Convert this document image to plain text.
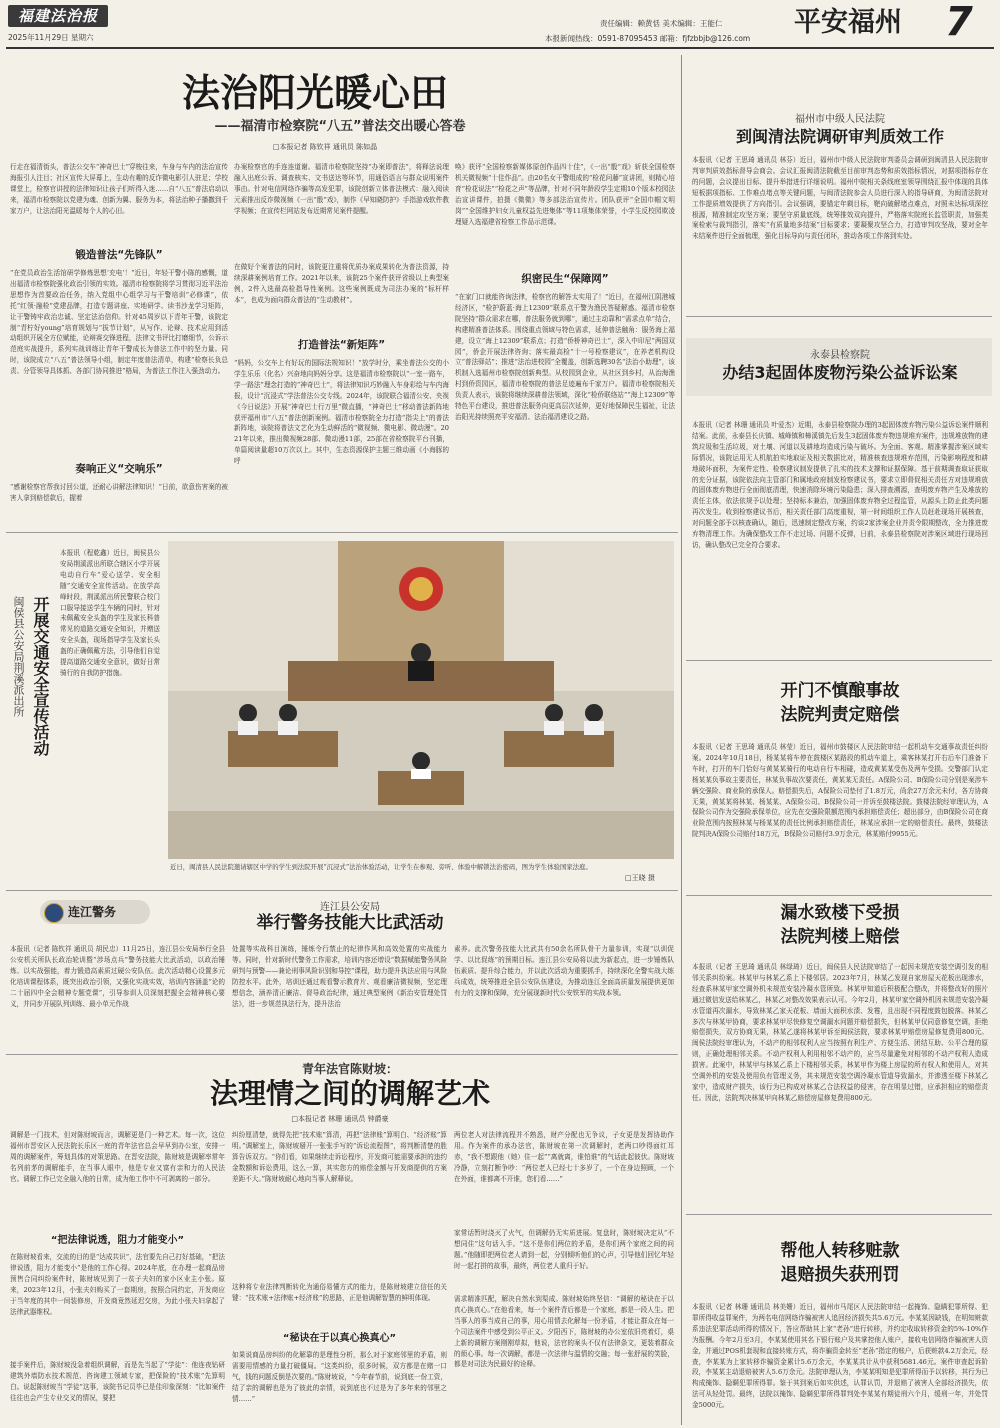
福建法治报
2025年11月29日 星期六
责任编辑：赖黄恬 美术编辑：王能仁
本报新闻热线：0591-87095453 邮箱：fjfzbbjb@126.com
平安福州	7
法治阳光暖心田
——福清市检察院“八五”普法交出暖心答卷
□本报记者 陈钦祥 通讯员 陈如晶
行走在福清街头，普法公交车“神奇巴士”穿梭往来，车身与车内的法治宣传海报引人注目；社区宣传大屏幕上，生动有趣的反诈微电影引人驻足；学校课堂上，检察官讲授的法律知识让孩子们听得入迷……自“八五”普法启动以来，福清市检察院以党建为魂、创新为翼、服务为本，将法治种子播撒到千家万户，让法治阳光温暖每个人的心田。
锻造普法“先锋队”
“在党员政治生活馆研学修炼思想‘充电’！”近日，年轻干警小陈的感慨，道出福清市检察院强化政治引领的实效。福清市检察院将学习贯彻习近平法治思想作为首要政治任务，纳入党组中心组学习与干警培训“必修课”，依托“红领·融检”党建品牌，打造专题讲座、实地研学、读书沙龙学习矩阵，让干警铸牢政治忠诚、坚定法治信仰。针对45周岁以下青年干警，该院定制“青柠好young”培育规划与“拔节计划”，从写作、论辩、技术应用到活动组织开展全方位赋能，论辩赛交锋进程，法律文书评比打磨细节，公诉示范庭实战提升，系列实战训练让青年干警成长为普法工作中的坚力量。同时，该院成立“八五”普法领导小组，制定年度普法清单，构建“检察长负总责、分管领导具体抓、各部门协同推进”格局，为普法工作注入强劲动力。
奏响正义“交响乐”
“感谢检察官帮我讨回公道，还耐心讲解法律知识！”日前，欲意伤害案的被害人拿到赔偿款后，握着
办案检察官的手连连道谢。福清市检察院坚持“办案即普法”，将释法说理融入出庭公诉、调查核实、文书送达等环节，用通俗语言与群众说明案件事由。针对电信网络诈骗等高发犯罪，该院创新立体普法模式：融入阅读元素推出反诈微视频《一出“骰”戏》，制作《早知晓防护》手指游戏软件教学视频；在宣传栏网站发布近期常见案件提醒。
在做好个案普法的同时，该院更注重将优质办案成果转化为普法资源，持续深耕案例培育工作。2021年以来，该院25个案件获评省级以上典型案例，2件入选最高检指导性案例。这些案例既成为司法办案的“标杆样本”，也成为面向群众普法的“生动教材”。
打造普法“新矩阵”
“妈妈，公交车上有好玩的国际法规知识！”放学时分，乘坐普法公交的小学生乐乐（化名）兴奋地向妈妈分享。这是福清市检察院以“一室一路车，学一路法”理念打造的“神奇巴士”，将法律知识巧妙融入车身彩绘与车内海报，设计“沉浸式”学法普法公交专线。2024年，该院联合福清公安、央视《今日说法》开展“神奇巴士行万里”微直播，“神奇巴士”移动普法新阵地获评福州市“八五”普法创新案例。福清市检察院全力打造“指尖上”的普法新阵地，该院将普法文艺化为生动鲜活的“微视频、微电影、微动漫”。2021年以来，推出微视频28部、微动漫11部，25部在省检察院平台刊播，单篇阅读量超10万次以上。其中，生态资源保护主题三维动画《小海豚的呼
唤》获评“全国检察新媒体原创作品四十佳”，《一出“骰”戏》斩获全国检察机关微视频“十佳作品”。由20名女干警组成的“检花问藤”宣讲团，则精心培育“检花说法”“检花之声”等品牌，针对不同年龄段学生定期10个版本校园法治宣讲课件，拍摄《微微》等多部法治宣传片。团队获评“全国巾帼文明岗”“全国维护妇女儿童权益先进集体”等11项集体荣誉，小学生反校园欺凌理疑入选福建省检察工作品示范课。
织密民生“保障网”
“在家门口就能咨询法律，检察官的解答太实用了！”近日，在福州江阴港城经济区，“检护蔚蓝·海上12309”联系点干警为渔民答疑解惑。福清市检察院坚持“群众需求在哪，普法服务就到哪”，通过主动靠和“需求点单”结合，构建精准普法体系。围绕重点领域与特色需求，延伸普法触角：服务海上福建，设立“海上12309”联系点；打造“侨桥神奇巴士”，深入中印尼“两国双园”，侨企开展法律咨询；落实最高检“十一号检察建议”，在养老机构设立“普法驿站”；推进“法治进校园”全覆盖，创新选聘30名“法治小助理”，该机制入选福州市检察院创新典型。从校园到企业，从社区到乡村，从治海渔村到侨资园区，福清市检察院的普法足迹遍布千家万户。福清市检察院相关负责人表示，该院将继续深耕普法领域，深化“检侨联络站”“海上12309”等特色平台建设，推进普法服务向更高层次延伸，更好地保障民生福祉，让法治阳光持续照亮平安福清、法治福清建设之路。
福州市中级人民法院
到闽清法院调研审判质效工作
本报讯（记者 王思琦 通讯员 林芬）近日，福州市中级人民法院审判委员会调研到闽清县人民法院审判审判质效指标督导会商会。会议汇报闽清法院截至目前审判态势和质效指标情况，对据项指标存在的问题，会议提出目标、提升举措进行详细说明。福州中院相关条线庭室领导围绕汇报中体现的具体短板据项指标、工作难点堵点等关键问题，与闽清法院参会人员进行深入的指导研商，为闽清法院对工作提质增效提供了方向指引。会议强调，要锚定年剩目标，靶向破解堵点难点，对照未达标项深挖根源，精准制定攻坚方案；要坚守质量底线，统筹推效双向提升，严格落实院庭长监管职责，加强类案检索与裁判指引，落实“有质量地多结案”目标要求；要凝聚攻坚合力，打造审判攻坚战，要对全年未结案件进行全面梳理，强化目标导向与责任闭环，推动各项工作落到实处。
永泰县检察院
办结3起固体废物污染公益诉讼案
本报讯（记者 林珊 通讯员 叶爱杰）近期，永泰县检察院办理的3起固体废弃物污染公益诉讼案件顺利结案。此前，永泰县长庆镇、城峰镇和樟溪镇先后发生3起固体废弃物违规堆弃案件，违规堆放物的建筑垃圾和生活垃圾，对土壤、河道以及耕地均造成污染与破坏。为全面、客观、精准掌握涉案区域实际情况，该院运用无人机航拍实地取证及相关数据比对，精准核查违规堆弃范围，污染影响程度和耕地破坏面积，为案件定性、检察建议制发提供了扎实的技术支撑和证据保障。基于前期调查取证获取的充分证据，该院依法向主管部门和属地政府制发检察建议书，要求立即督促相关责任方对违规堆放的固体废弃物进行全面彻底清理，快速消除环境污染隐患；深入排查溯源，查明废弃物产生及堆放的责任主体，依法依规予以处理；坚持标本兼治，加强固体废弃物全过程监管，从源头上防止此类问题再次发生。收到检察建议书后，相关责任部门高度重视，第一时间组织工作人员赶赴现场开展核查，对问题全部予以核查确认，随后，迅速制定整改方案，约谈2家涉案企业并责令限期整改，全力推进废弃物清理工作。为确保整改工作不走过场、问题不反弹，日前，永泰县检察院对涉案区域进行现场回访，确认整改已完全符合要求。
开门不慎酿事故
法院判责定赔偿
本报讯（记者 王思琦 通讯员 林莹）近日，福州市鼓楼区人民法院审结一起机动车交通事故责任纠纷案。2024年10月18日，杨某某将车停在鼓楼区某路段的机动车道上，乘客林某打开右后车门准备下车时，打开的车门恰好与黄某某骑行的电动自行车相碰，造成黄某某受伤及两车受损。交警部门认定杨某某负事故主要责任，林某负事故次要责任，黄某某无责任。A保险公司、B保险公司分别是案涉车辆交强险、商业险的承保人。赔偿损失后，A保险公司垫付了1.8万元，尚余27万余元未付，各方协商无果，黄某某将林某、杨某某、A保险公司、B保险公司一并诉至鼓楼法院。鼓楼法院经审理认为，A保险公司作为交强险承保单位，应先在交强险限额范围内承担赔偿责任；超出部分，由B保险公司在商业险范围内按照林某与杨某某的责任比例承担赔偿责任，林某应承担一定的赔偿责任。最终，鼓楼法院判决A保险公司赔付18万元，B保险公司赔付3.9万余元，林某赔付9955元。
漏水致楼下受损
法院判楼上赔偿
本报讯（记者 王思琦 通讯员 林绿琦）近日，闽侯县人民法院审结了一起因未规范安装空调引发的相邻关系纠纷案。林某甲与林某乙系上下楼邻居。2023年7月，林某乙发现自家房屋天花板出现渗水，经查系林某甲家空调外机未规范安装冷凝水管所致。林某甲知道后积极配合整改，并将整改好的照片通过微信发送给林某乙，林某乙对整改效果表示认可。今年2月，林某甲家空调外机因未规范安装冷凝水管道再次漏水，导致林某乙家天花板、墙面大面积水渍、发霉，且出现不同程度鼓包脱落。林某乙多次与林某甲协商，要求林某甲尽快修复空调漏水问题并赔偿损失，但林某甲仅同意修复空调，拒绝赔偿损失，双方协商无果，林某乙遂将林某甲诉至闽侯法院，要求林某甲赔偿房屋修复费用800元。闽侯法院经审理认为，不动产的相邻权利人应当按照有利生产、方便生活、团结互助、公平合理的原则，正确处理相邻关系。不动产权利人利用相邻不动产的，应当尽量避免对相邻的不动产权利人造成损害。此案中，林某甲与林某乙系上下楼相邻关系，林某甲作为楼上房屋的所有权人和使用人，对其空调外机的安装及使用负有管理义务，其未规范安装空调冷凝水管道导致漏水，并渗透至楼下林某乙家中，造成财产损失，该行为已构成对林某乙合法权益的侵害，存在明显过错，应承担相应的赔偿责任。因此，法院判决林某甲向林某乙赔偿房屋修复费用800元。
帮他人转移赃款
退赔损失获刑罚
本报讯（记者 林珊 通讯员 林美姗）近日，福州市马尾区人民法院审结一起掩饰、隐瞒犯罪所得、犯罪所得收益罪案件，为两名电信网络诈骗被害人追回经济损失共5.6万元。李某某因缺钱，在明知赃款系违法犯罪活动所得的情况下，答应帮助其上家“老孙”进行转移，并约定收取转移资金的5%-10%作为报酬。今年2月至3月，李某某使用其名下银行账户及其掌控他人账户，接收电信网络诈骗被害人资金，并通过POS机套现和直接转账方式，将诈骗资金转至“老孙”指定的账户，后获赃款4.2万余元，经查，李某某为上家转移诈骗资金累计5.6万余元，李某某共计从中获利5681.46元。案件审查起诉阶段，李某某主动退赔被害人5.6万余元。法院审理认为，李某某明知是犯罪所得而予以转移，其行为已构成掩饰、隐瞒犯罪所得罪。鉴于其到案后如实供述，认罪认罚，并退赔了被害人全部经济损失，依法可从轻处罚。最终，法院以掩饰、隐瞒犯罪所得罪判处李某某有期徒刑六个月，缓刑一年，并处罚金5000元。
本报讯（程乾鑫）近日，闽侯县公安局荆溪派出所联合辖区小学开展电动自行车“爱心送学、安全相随”交通安全宣传活动。在放学高峰时段，荆溪派出所民警联合校门口服导接送学生车辆的同时，针对未佩戴安全头盔的学生及家长科普常见的道路交通安全知识，并赠送安全头盔，现场指导学生及家长头盔的正确佩戴方法，引导他们自觉提高道路交通安全意识，做好日常骑行的自我防护措施。
开展交通安全宣传活动
闽侯县公安局荆溪派出所
近日，闽清县人民法院邀请辖区中学的学生到法院开展“沉浸式”法治体验活动，让学生在参观、旁听、体验中解锁法治密码，图为学生体验国家法庭。
□王晓 摄
连江警务	连江县公安局
举行警务技能大比武活动
本报讯（记者 陈钦祥 通讯员 胡民忠）11月25日，连江县公安局举行全县公安机关所队长政治轮训暨“涉场点兵”警务技能大比武活动，以政治锤炼、以实战强能，着力锻造高素质过硬公安队伍。此次活动精心设置多元化培训课程体系，既突出政治引领，又强化实战实效，培训内容涵盖“论的二十届四中全会精神专题党课”，引导参训人员深刻把握全会精神核心要义，并同步开展队列训练、最小单元作战
处置等实战科目演练，锤炼令行禁止的纪律作风和高效处置的实战能力等。同时，针对新时代警务工作需求，培训内容还增设“数据赋能警务风险研判与预警——兼论刑事风险识别和导控”课程，助力提升执法应用与风险防控水平。此外，培训还通过观看警示教育片、观看廉洁微视频，坚定理想信念，涵养清正廉洁、督导政治纪律，通过典型案例《新治安管理处罚法》，进一步规范执法行为，提升法治
素养。此次警务技能大比武共有50余名所队骨干力量参训，实现“以训促学、以比促练”的预期目标。连江县公安局将以此为新起点，进一步锤炼队伍素质、提升综合能力，并以此次活动为重要抓手，持续深化全警实战大练兵成效，统筹推进全县公安队伍建设，为推动连江全面高质量发展提供更加有力的支撑和保障，充分展现新时代公安铁军的实战本领。
青年法官陈财坡：
法理情之间的调解艺术
□本报记者 林珊 通讯员 钟爵豪
调解是一门技术，但对陈财坡而言，调解更是门一种艺术。每一次，这位福州市晋安区人民法院长乐区一庭的青年法官总会早早到办公室，安排一周的调解案件，筹划具体的对策思路。在晋安法院，陈财坡是调解率常年名列前茅的调解能手，在当事人眼中，他是专业又富有亲和力的人民法官。调解工作已完全融入他的日常，成为他工作中不可剥离的一部分。
“把法律说透，阻力才能变小”
在陈财坡看来，交流的目的是“达成共识”，法官要先自己打好基础，“把法律说透，阻力才能变小”是他的工作心得。2024年底，在办理一起商品房预售合同纠纷案件时，陈财坡见到了一贫子夫妇的家小区业主小张。原来，2023年12月，小张夫妇购买了一套期房，按照合同约定，开发商应于当年度的其中一间装修房，开发商竟然延迟交房，为此小张夫妇拿起了法律武器维权。
接手案件后，陈财坡没急着组织调解，而是先当起了“学徒”：他连夜钻研建筑外墙防水技术规范、咨询建工领域专家，把保险的“技术账”先算明白。说起陈财坡当“学徒”这事，该院书记员毕已是佳印象深刻：“比如案件往往也会产生专业交叉的情况，要把
纠纷厘清楚，就得先把“技术账”算清，再把“法律账”算明白、“经济账”算明。”调解室上，陈财坡掰开一张张手写的“诉讼流程图”，将判断清楚的胜算告诉双方。“你们看，如果继续走诉讼程序，开发商可能需要承担的违约金数额和诉讼费用，这么一算，其实您方的赔偿金额与开发商提供的方案差距不大。”陈财坡耐心地向当事人解释说。
这种将专业法律判断转化为通俗易懂方式的能力，是陈财坡建立信任的关键：“技术账+法律账+经济账”的思路，正是他调解智慧的鲜明体现。
“秘诀在于以真心换真心”
如果说商品房纠纷的化解靠的是理性分析，那么对于家庭邻里的矛盾，则需要用情感的力量打破僵局。“这类纠纷，很多时候，双方都是在赌一口气，钱的问题反倒是次要的。”陈财坡说，“今年春节前，说到底一份工资，结了亲的调解也是为了彼此的亲情，说到底也不过是为了多年来的邻里之情……”
两位老人对法律流程并不熟悉，财产分配也无争议，子女更是发挥协助作用。作为案件的承办法官，陈财坡在第一次调解时，老两口吵得面红耳赤，“我不想跟他（她）住一起”“离就离，谁怕谁”的气话此起彼伏。陈财坡冷静，立刻打断争吵：“两位老人已经七十多岁了，一个在身边照顾，一个在外面，谁都离不开谁，您们看……”
家常话暂时浇灭了火气，但调解仍无实质进展。复盘时，陈财坡决定从“不想同住”这句话入手。“这不是你们两位的矛盾，是你们两个家庭之间的问题。”他随即把两位老人请到一起，分别倾听他们的心声，引导他们回忆年轻时一起打拼的故事，最终，两位老人重归于好。
需求精准匹配，解决自然水到渠成。陈财坡始终坚信：“调解的秘诀在于以真心换真心。”在他看来，每一个案件背后都是一个家庭，都是一段人生。把当事人的事当成自己的事，用心用情去化解每一份矛盾，才能让群众在每一个司法案件中感受到公平正义。夕阳西下，陈财坡的办公室依旧亮着灯，桌上新的调解方案刚刚草拟，他说，法官的案头不仅有法律条文，更装着群众的烦心事。每一次调解，都是一次法律与温情的交融；每一张舒展的笑脸，都是对司法为民最好的诠释。
